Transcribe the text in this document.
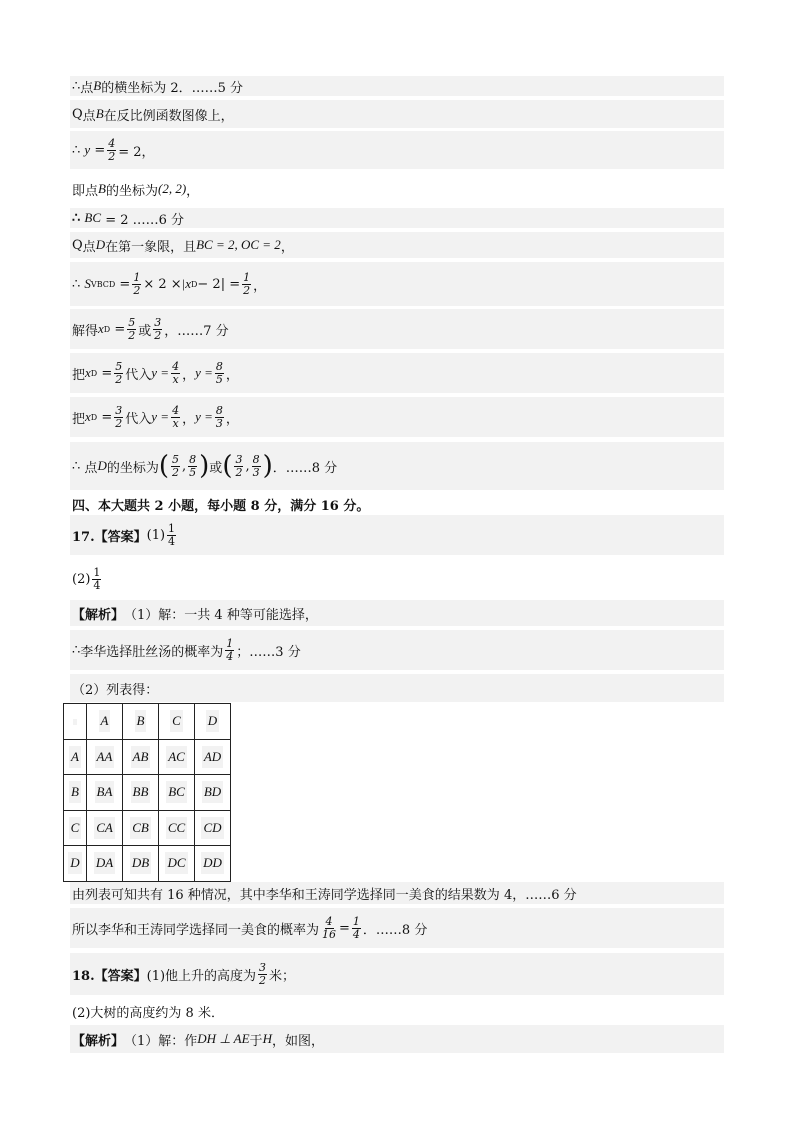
∴ 点 B 的横坐标为 2．……5 分
Q 点 B 在反比例函数图像上，
∴
y
= $\frac{4}{2} = 2$，
即点 B 的坐标为 (2, 2) ，
∴
BC
= 2 ……6 分
Q 点 D 在第一象限，且 BC = 2, OC = 2 ，
∴
S VBCD
= $\frac{1}{2} \times 2 \times |x$ D − 2|
= $\frac{1}{2}$ ，
解得 x D
= $\frac{5}{2}$ 或 $\frac{3}{2}$ ，……7 分
把 x D
= $\frac{5}{2}$ 代入 $y = \frac{4}{x}$ ， $y = \frac{8}{5}$ ，
把 x D
= $\frac{3}{2}$ 代入 $y = \frac{4}{x}$ ， $y = \frac{8}{3}$ ，
∴
点 D 的坐标为 ( $\frac{5}{2}$ , $\frac{8}{5}$ ) 或 ( $\frac{3}{2}$ , $\frac{8}{3}$ ) ．……8 分
四、本大题共 2 小题，每小题 8 分，满分 16 分。
17.【答案】 $(1) \frac{1}{4}$
$(2) \frac{1}{4}$
【解析】 （1）解：一共 4 种等可能选择，
∴ 李华选择肚丝汤的概率为 $\frac{1}{4}$ ；……3 分
（2）列表得：
	A	B	C	D
A	AA	AB	AC	AD
B	BA	BB	BC	BD
C	CA	CB	CC	CD
D	DA	DB	DC	DD
由列表可知共有 16 种情况，其中李华和王涛同学选择同一美食的结果数为 4，……6 分
所以李华和王涛同学选择同一美食的概率为 $\frac{4}{16} = \frac{1}{4}$ ．……8 分
18.【答案】 (1)他上升的高度为 $\frac{3}{2}$ 米；
(2)大树的高度约为 8 米．
【解析】 （1）解：作 DH ⊥ AE 于 H ，如图，
